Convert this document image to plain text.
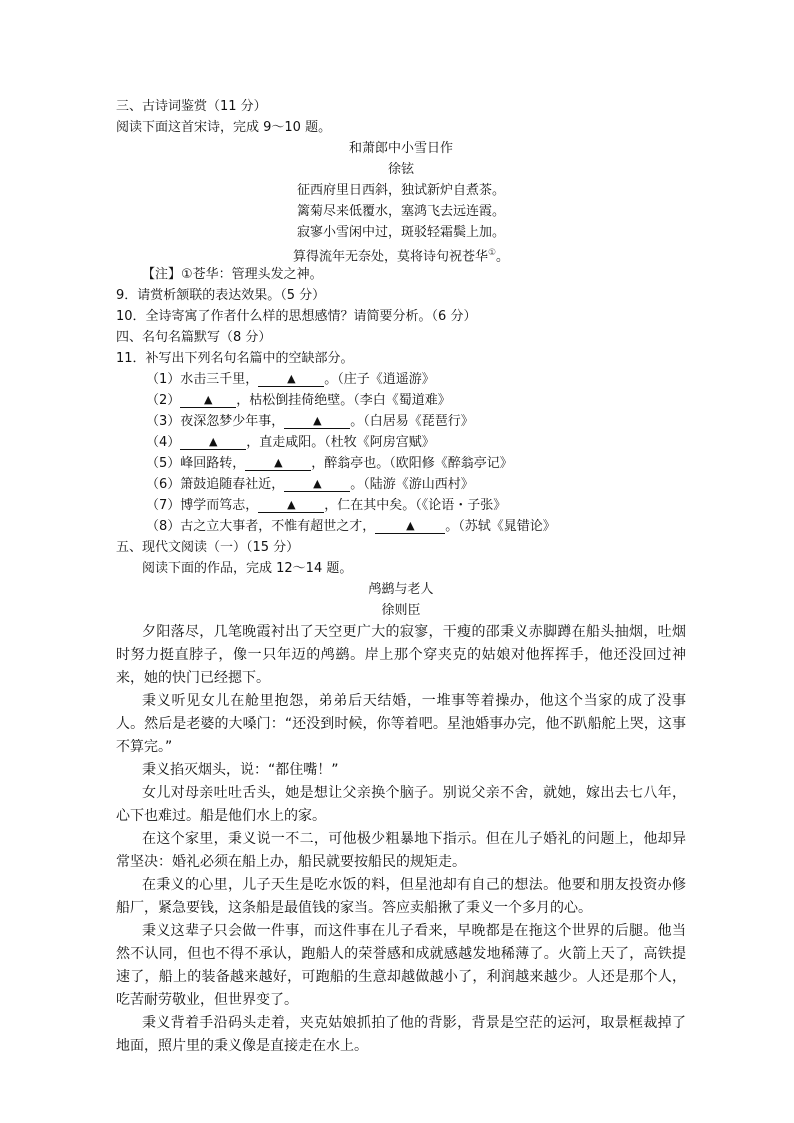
三、古诗词鉴赏（11 分）
阅读下面这首宋诗，完成 9～10 题。
和萧郎中小雪日作
徐铉
征西府里日西斜，独试新炉自煮茶。
篱菊尽来低覆水，塞鸿飞去远连霞。
寂寥小雪闲中过，斑驳轻霜鬓上加。
算得流年无奈处，莫将诗句祝苍华①。
【注】①苍华：管理头发之神。
9．请赏析颔联的表达效果。（5 分）
10．全诗寄寓了作者什么样的思想感情？请简要分析。（6 分）
四、名句名篇默写（8 分）
11．补写出下列名句名篇中的空缺部分。
（1）水击三千里，	▲ 。（庄子《逍遥游》
（2） ▲ ，枯松倒挂倚绝壁。（李白《蜀道难》
（3）夜深忽梦少年事，	▲ 。（白居易《琵琶行》
（4）	▲ ，直走咸阳。（杜牧《阿房宫赋》
（5）峰回路转，	▲ ，醉翁亭也。（欧阳修《醉翁亭记》
（6）箫鼓追随春社近，	▲ 。（陆游《游山西村》
（7）博学而笃志，	▲ ，仁在其中矣。（《论语・子张》
（8）古之立大事者，不惟有超世之才，	▲ 。（苏轼《晁错论》
五、现代文阅读（一）（15 分）
阅读下面的作品，完成 12～14 题。
鸬鹚与老人
徐则臣

夕阳落尽，几笔晚霞衬出了天空更广大的寂寥，干瘦的邵秉义赤脚蹲在船头抽烟，吐烟时努力挺直脖子，像一只年迈的鸬鹚。岸上那个穿夹克的姑娘对他挥挥手，他还没回过神来，她的快门已经摁下。

秉义听见女儿在舱里抱怨，弟弟后天结婚，一堆事等着操办，他这个当家的成了没事人。然后是老婆的大嗓门：“还没到时候，你等着吧。星池婚事办完，他不趴船舵上哭，这事不算完。”

秉义掐灭烟头，说：“都住嘴！”

女儿对母亲吐吐舌头，她是想让父亲换个脑子。别说父亲不舍，就她，嫁出去七八年，心下也难过。船是他们水上的家。

在这个家里，秉义说一不二，可他极少粗暴地下指示。但在儿子婚礼的问题上，他却异常坚决：婚礼必须在船上办，船民就要按船民的规矩走。

在秉义的心里，儿子天生是吃水饭的料，但星池却有自己的想法。他要和朋友投资办修船厂，紧急要钱，这条船是最值钱的家当。答应卖船揪了秉义一个多月的心。

秉义这辈子只会做一件事，而这件事在儿子看来，早晚都是在拖这个世界的后腿。他当然不认同，但也不得不承认，跑船人的荣誉感和成就感越发地稀薄了。火箭上天了，高铁提速了，船上的装备越来越好，可跑船的生意却越做越小了，利润越来越少。人还是那个人，吃苦耐劳敬业，但世界变了。

秉义背着手沿码头走着，夹克姑娘抓拍了他的背影，背景是空茫的运河，取景框裁掉了地面，照片里的秉义像是直接走在水上。
